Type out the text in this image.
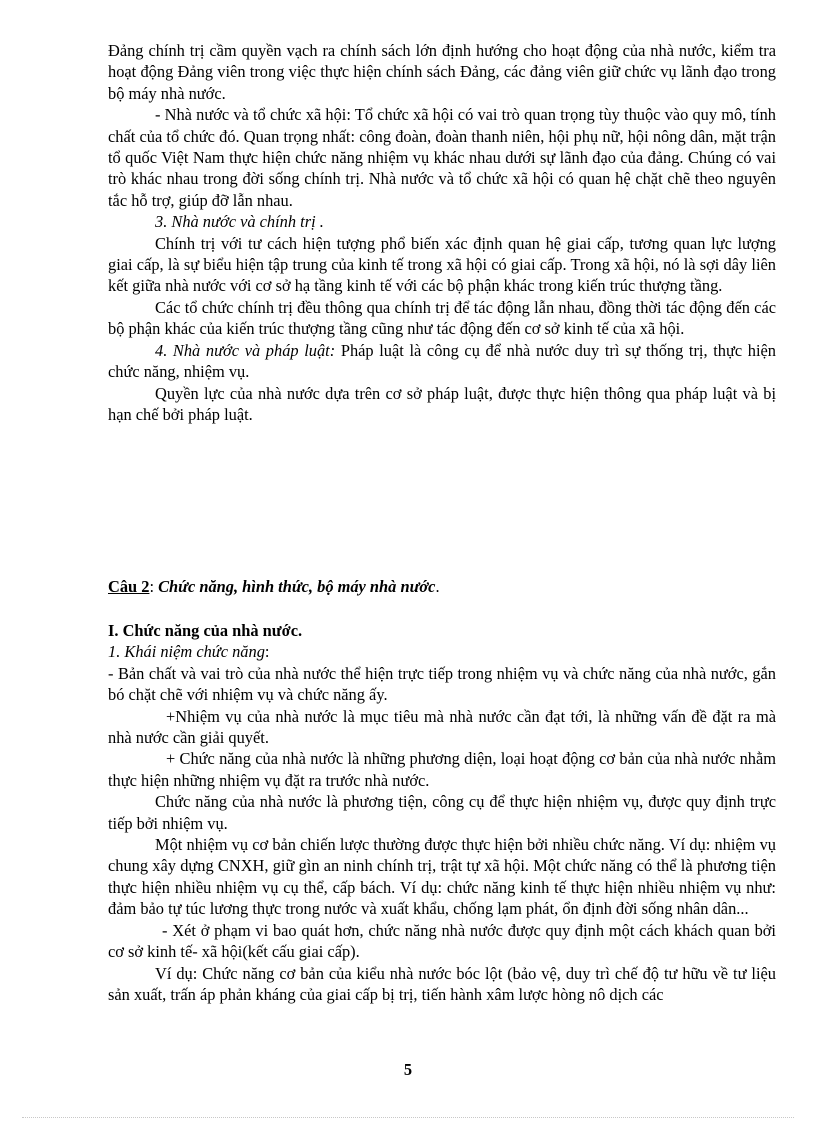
Đảng chính trị cầm quyền vạch ra chính sách lớn định hướng cho hoạt động của nhà nước, kiểm tra hoạt động Đảng viên trong việc thực hiện chính sách Đảng, các đảng viên giữ chức vụ lãnh đạo trong bộ máy nhà nước.

- Nhà nước và tổ chức xã hội: Tổ chức xã hội có vai trò quan trọng tùy thuộc vào quy mô, tính chất của tổ chức đó. Quan trọng nhất: công đoàn, đoàn thanh niên, hội phụ nữ, hội nông dân, mặt trận tổ quốc Việt Nam thực hiện chức năng nhiệm vụ khác nhau dưới sự lãnh đạo của đảng. Chúng có vai trò khác nhau trong đời sống chính trị. Nhà nước và tổ chức xã hội có quan hệ chặt chẽ theo nguyên tắc hỗ trợ, giúp đỡ lẫn nhau.

3. Nhà nước và chính trị .

Chính trị với tư cách hiện tượng phổ biến xác định quan hệ giai cấp, tương quan lực lượng giai cấp, là sự biểu hiện tập trung của kinh tế trong xã hội có giai cấp. Trong xã hội, nó là sợi dây liên kết giữa nhà nước với cơ sở hạ tầng kinh tế với các bộ phận khác trong kiến trúc thượng tầng.

Các tổ chức chính trị đều thông qua chính trị để tác động lẫn nhau, đồng thời tác động đến các bộ phận khác của kiến trúc thượng tầng cũng như tác động đến cơ sở kinh tế của xã hội.

4. Nhà nước và pháp luật: Pháp luật là công cụ để nhà nước duy trì sự thống trị, thực hiện chức năng, nhiệm vụ.

Quyền lực của nhà nước dựa trên cơ sở pháp luật, được thực hiện thông qua pháp luật và bị hạn chế bởi pháp luật.

Câu 2: Chức năng, hình thức, bộ máy nhà nước.

I. Chức năng của nhà nước.

1. Khái niệm chức năng:

- Bản chất và vai trò của nhà nước thể hiện trực tiếp trong nhiệm vụ và chức năng của nhà nước, gắn bó chặt chẽ với nhiệm vụ và chức năng ấy.

+Nhiệm vụ của nhà nước là mục tiêu mà nhà nước cần đạt tới, là những vấn đề đặt ra mà nhà nước cần giải quyết.

+ Chức năng của nhà nước là những phương diện, loại hoạt động cơ bản của nhà nước nhằm thực hiện những nhiệm vụ đặt ra trước nhà nước.

Chức năng của nhà nước là phương tiện, công cụ để thực hiện nhiệm vụ, được quy định trực tiếp bởi nhiệm vụ.

Một nhiệm vụ cơ bản chiến lược thường được thực hiện bởi nhiều chức năng. Ví dụ: nhiệm vụ chung xây dựng CNXH, giữ gìn an ninh chính trị, trật tự xã hội. Một chức năng có thể là phương tiện thực hiện nhiều nhiệm vụ cụ thể, cấp bách. Ví dụ: chức năng kinh tế thực hiện nhiều nhiệm vụ như: đảm bảo tự túc lương thực trong nước và xuất khẩu, chống lạm phát, ổn định đời sống nhân dân...

- Xét ở phạm vi bao quát hơn, chức năng nhà nước được quy định một cách khách quan bởi cơ sở kinh tế- xã hội(kết cấu giai cấp).

Ví dụ: Chức năng cơ bản của kiểu nhà nước bóc lột (bảo vệ, duy trì chế độ tư hữu về tư liệu sản xuất, trấn áp phản kháng của giai cấp bị trị, tiến hành xâm lược hòng nô dịch các

5
